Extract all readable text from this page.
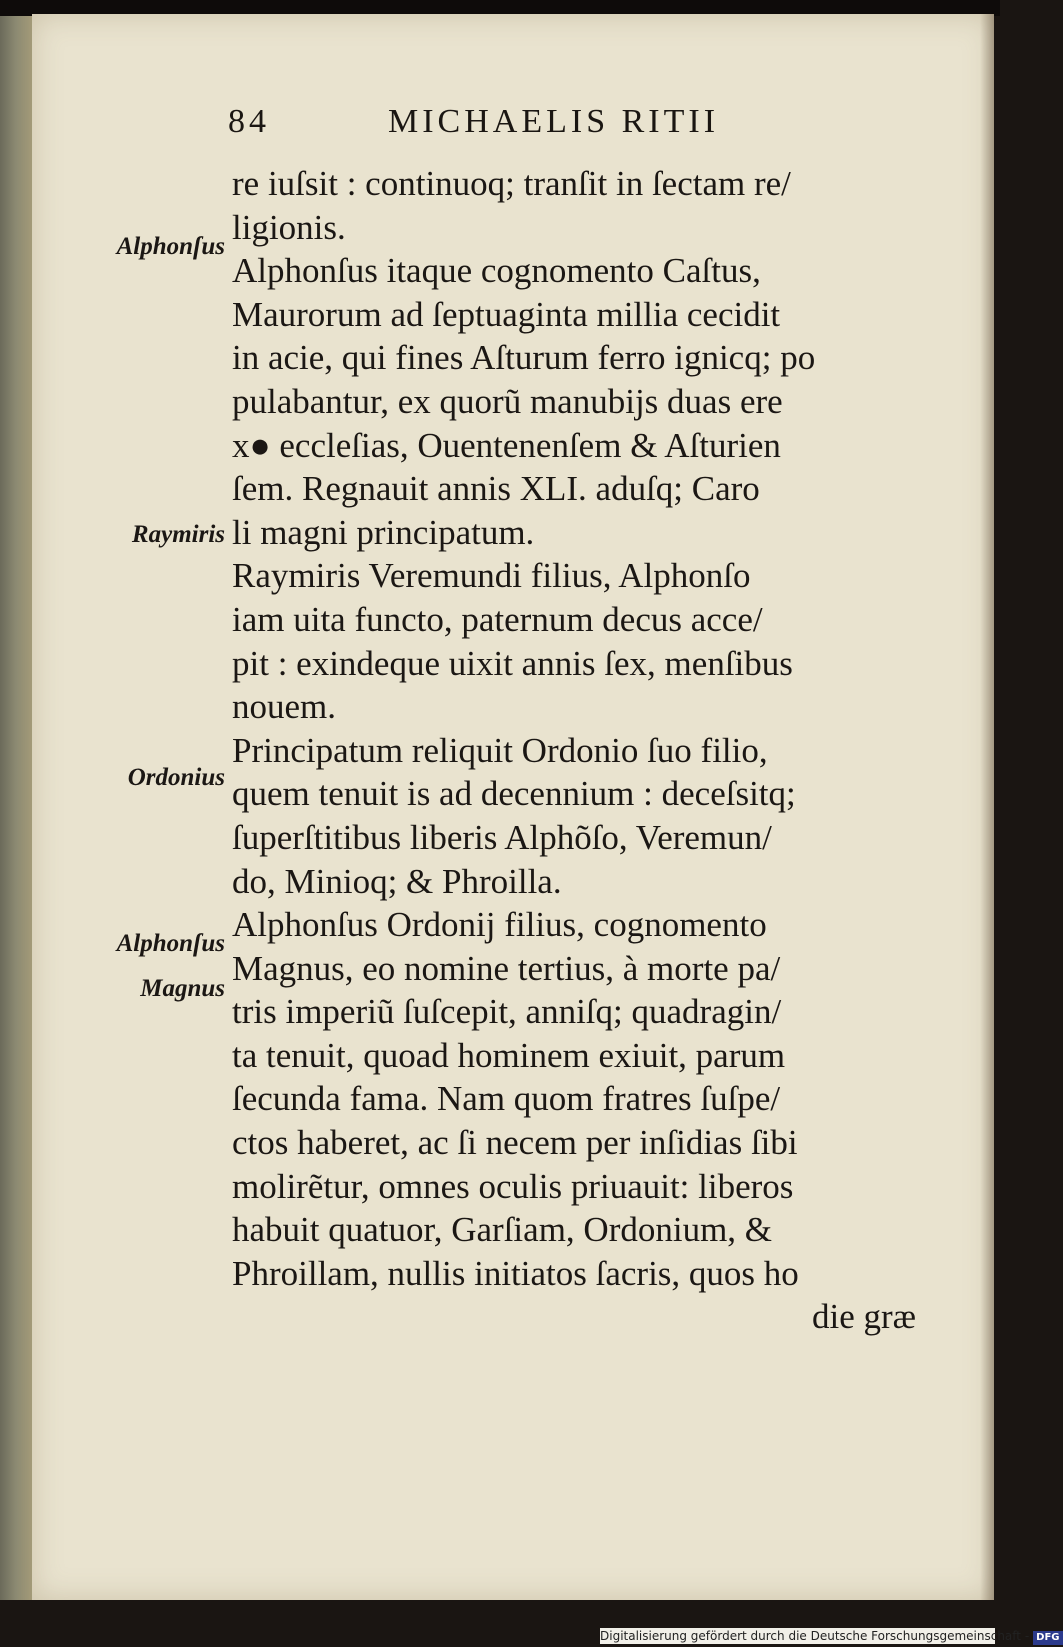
84	MICHAELIS RITII
Alphonſus
Raymiris
Ordonius
Alphonſus
Magnus
re iuſsit : continuoq; tranſit in ſectam re/
ligionis.
Alphonſus itaque cognomento Caſtus,
Maurorum ad ſeptuaginta millia cecidit
in acie, qui fines Aſturum ferro ignicq; po
pulabantur, ex quorũ manubijs duas ere
x● eccleſias, Ouentenenſem & Aſturien
ſem. Regnauit annis XLI. aduſq; Caro
li magni principatum.
Raymiris Veremundi filius, Alphonſo
iam uita functo, paternum decus acce/
pit : exindeque uixit annis ſex, menſibus
nouem.
Principatum reliquit Ordonio ſuo filio,
quem tenuit is ad decennium : deceſsitq;
ſuperſtitibus liberis Alphõſo, Veremun/
do, Minioq; & Phroilla.
Alphonſus Ordonij filius, cognomento
Magnus, eo nomine tertius, à morte pa/
tris imperiũ ſuſcepit, anniſq; quadragin/
ta tenuit, quoad hominem exiuit, parum
ſecunda fama. Nam quom fratres ſuſpe/
ctos haberet, ac ſi necem per inſidias ſibi
molirẽtur, omnes oculis priuauit: liberos
habuit quatuor, Garſiam, Ordonium, &
Phroillam, nullis initiatos ſacris, quos ho
die græ
Digitalisierung gefördert durch die Deutsche Forschungsgemeinschaft - DFG
